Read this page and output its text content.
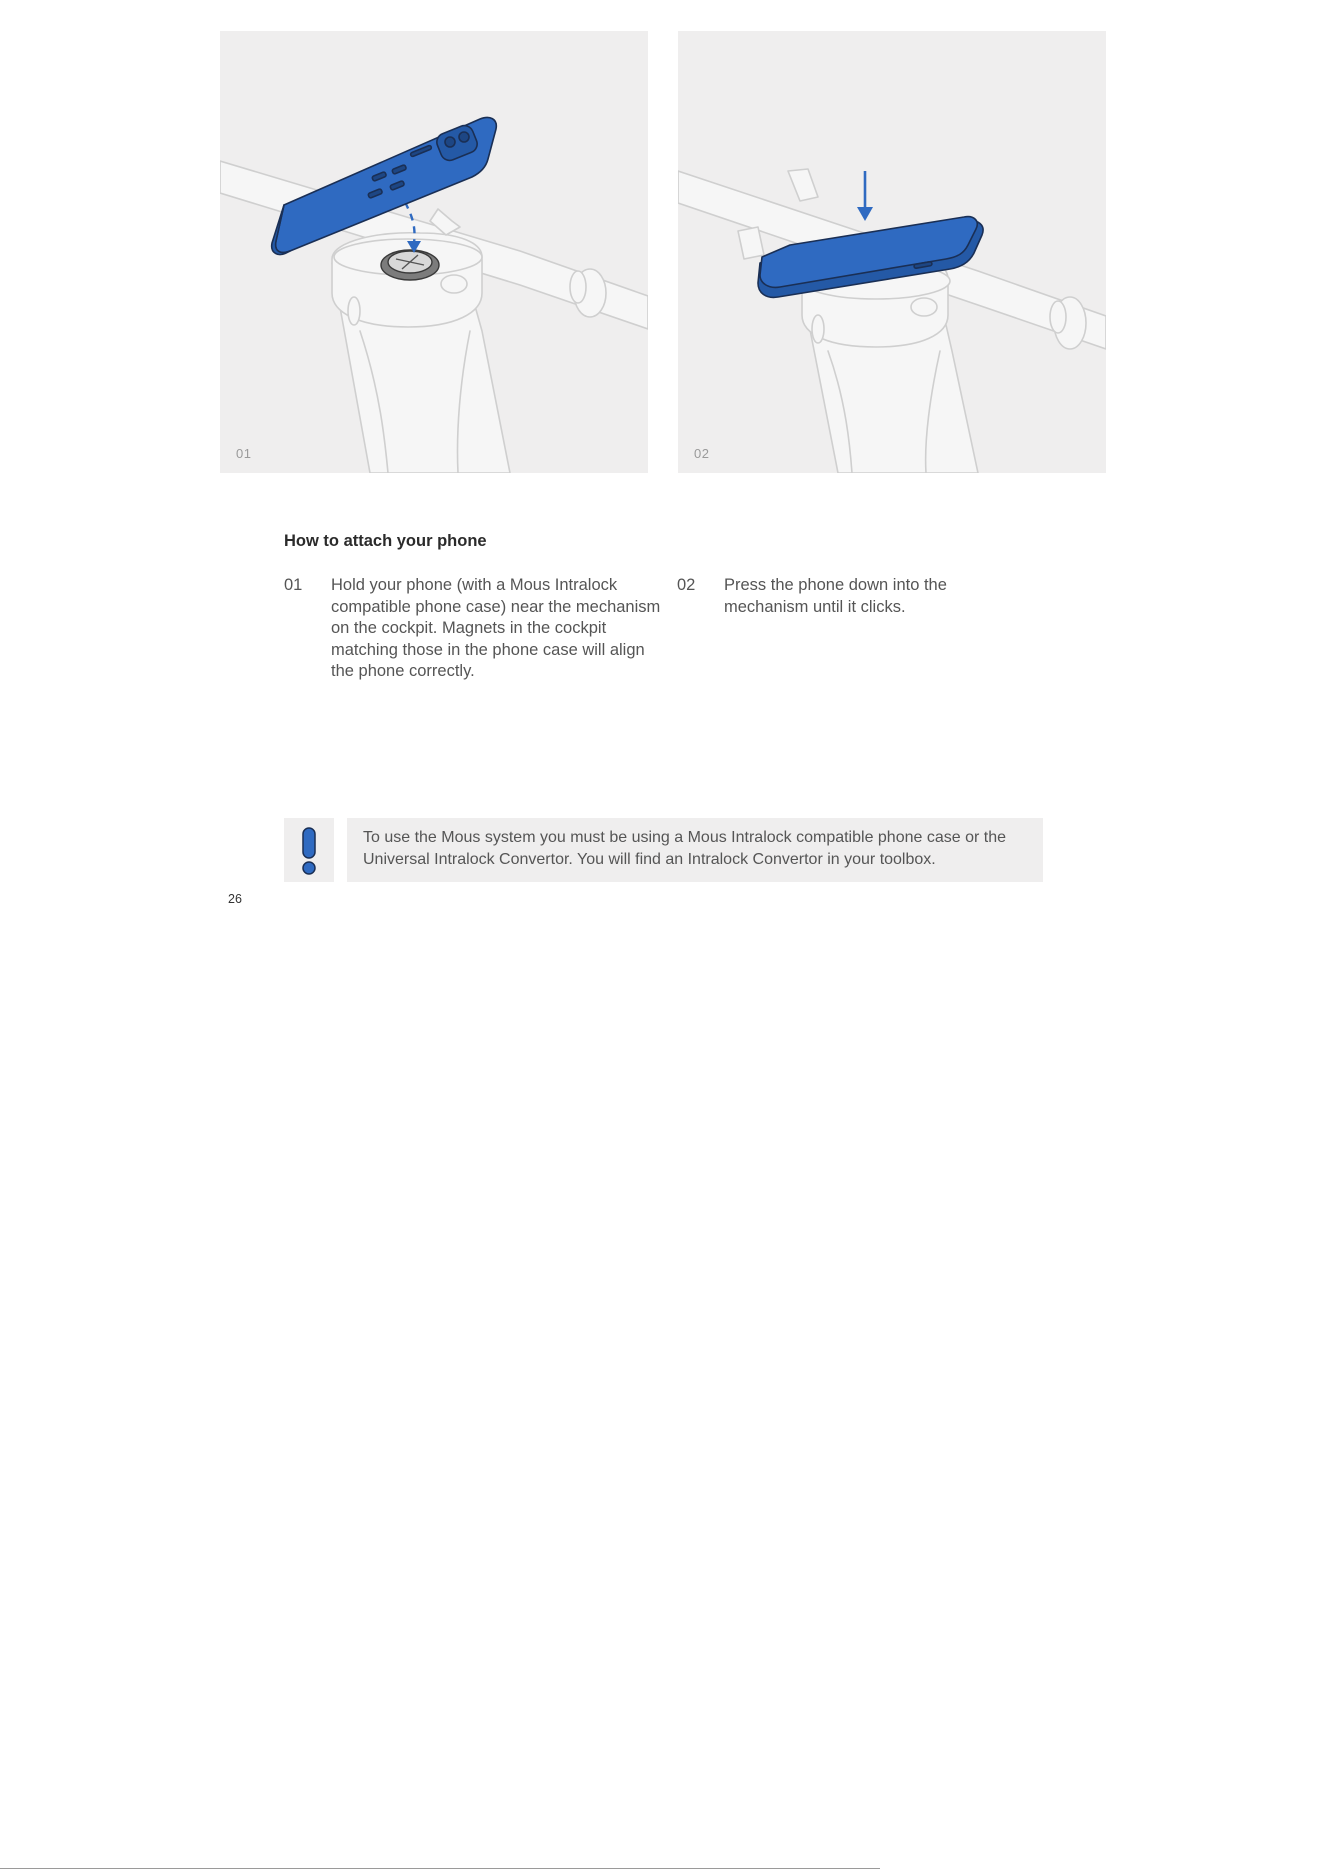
01	02
How to attach your phone
01 Hold your phone (with a Mous Intralock compatible phone case) near the mechanism on the cockpit. Magnets in the cockpit matching those in the phone case will align the phone correctly.
02 Press the phone down into the mechanism until it clicks.
To use the Mous system you must be using a Mous Intralock compatible phone case or the Universal Intralock Convertor. You will find an Intralock Convertor in your toolbox.
26
